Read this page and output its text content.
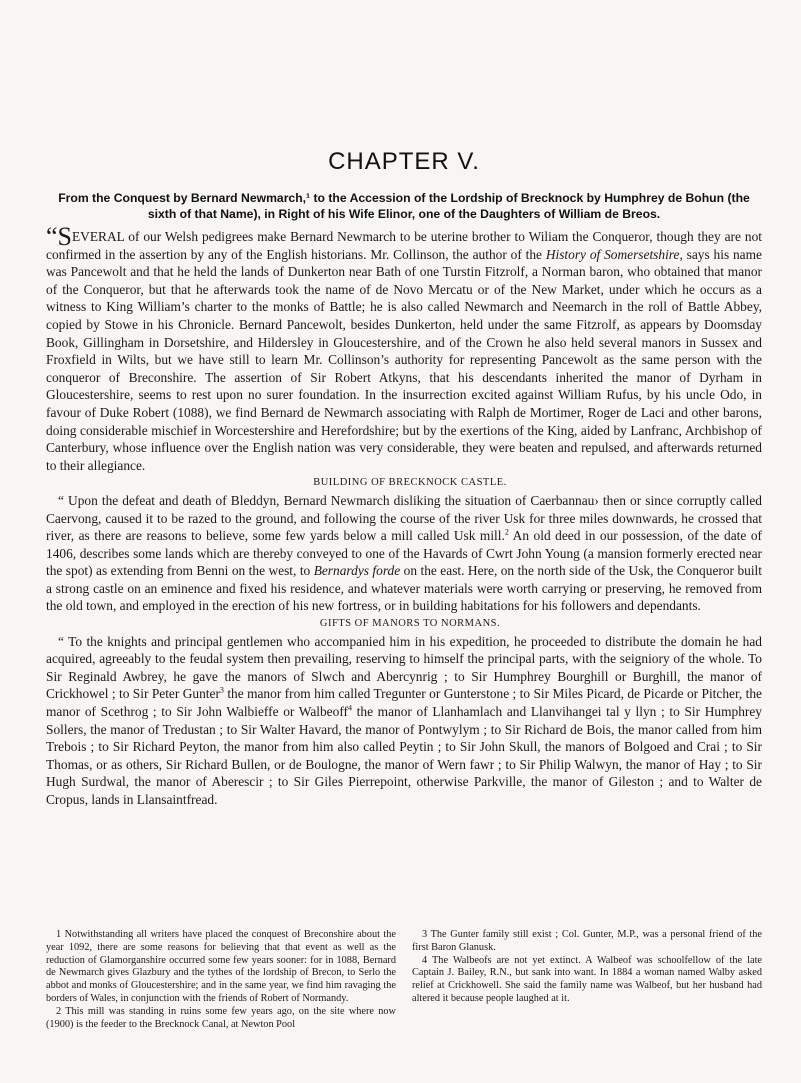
CHAPTER V.
From the Conquest by Bernard Newmarch,¹ to the Accession of the Lordship of Brecknock by Humphrey de Bohun (the sixth of that Name), in Right of his Wife Elinor, one of the Daughters of William de Breos.

“SEVERAL of our Welsh pedigrees make Bernard Newmarch to be uterine brother to Wiliam the Conqueror, though they are not confirmed in the assertion by any of the English historians. Mr. Collinson, the author of the History of Somersetshire, says his name was Pancewolt and that he held the lands of Dunkerton near Bath of one Turstin Fitzrolf, a Norman baron, who obtained that manor of the Conqueror, but that he afterwards took the name of de Novo Mercatu or of the New Market, under which he occurs as a witness to King William’s charter to the monks of Battle; he is also called Newmarch and Neemarch in the roll of Battle Abbey, copied by Stowe in his Chronicle. Bernard Pancewolt, besides Dunkerton, held under the same Fitzrolf, as appears by Doomsday Book, Gillingham in Dorsetshire, and Hildersley in Gloucestershire, and of the Crown he also held several manors in Sussex and Froxfield in Wilts, but we have still to learn Mr. Collinson’s authority for representing Pancewolt as the same person with the conqueror of Breconshire. The assertion of Sir Robert Atkyns, that his descendants inherited the manor of Dyrham in Gloucestershire, seems to rest upon no surer foundation. In the insurrection excited against William Rufus, by his uncle Odo, in favour of Duke Robert (1088), we find Bernard de Newmarch associating with Ralph de Mortimer, Roger de Laci and other barons, doing considerable mischief in Worcestershire and Herefordshire; but by the exertions of the King, aided by Lanfranc, Archbishop of Canterbury, whose influence over the English nation was very considerable, they were beaten and repulsed, and afterwards returned to their allegiance.

BUILDING OF BRECKNOCK CASTLE.

“ Upon the defeat and death of Bleddyn, Bernard Newmarch disliking the situation of Caerbannau› then or since corruptly called Caervong, caused it to be razed to the ground, and following the course of the river Usk for three miles downwards, he crossed that river, as there are reasons to believe, some few yards below a mill called Usk mill.$^2$ An old deed in our possession, of the date of 1406, describes some lands which are thereby conveyed to one of the Havards of Cwrt John Young (a mansion formerly erected near the spot) as extending from Benni on the west, to Bernardys forde on the east. Here, on the north side of the Usk, the Conqueror built a strong castle on an eminence and fixed his residence, and whatever materials were worth carrying or preserving, he removed from the old town, and employed in the erection of his new fortress, or in building habitations for his followers and dependants.

GIFTS OF MANORS TO NORMANS.

“ To the knights and principal gentlemen who accompanied him in his expedition, he proceeded to distribute the domain he had acquired, agreeably to the feudal system then prevailing, reserving to himself the principal parts, with the seigniory of the whole. To Sir Reginald Awbrey, he gave the manors of Slwch and Abercynrig ; to Sir Humphrey Bourghill or Burghill, the manor of Crickhowel ; to Sir Peter Gunter$^3$ the manor from him called Tregunter or Gunterstone ; to Sir Miles Picard, de Picarde or Pitcher, the manor of Scethrog ; to Sir John Walbieffe or Walbeoff$^4$ the manor of Llanhamlach and Llanvihangei tal y llyn ; to Sir Humphrey Sollers, the manor of Tredustan ; to Sir Walter Havard, the manor of Pontwylym ; to Sir Richard de Bois, the manor called from him Trebois ; to Sir Richard Peyton, the manor from him also called Peytin ; to Sir John Skull, the manors of Bolgoed and Crai ; to Sir Thomas, or as others, Sir Richard Bullen, or de Boulogne, the manor of Wern fawr ; to Sir Philip Walwyn, the manor of Hay ; to Sir Hugh Surdwal, the manor of Aberescir ; to Sir Giles Pierrepoint, otherwise Parkville, the manor of Gileston ; and to Walter de Cropus, lands in Llansaintfread.

1 Notwithstanding all writers have placed the conquest of Breconshire about the year 1092, there are some reasons for believing that that event as well as the reduction of Glamorganshire occurred some few years sooner: for in 1088, Bernard de Newmarch gives Glazbury and the tythes of the lordship of Brecon, to Serlo the abbot and monks of Gloucestershire; and in the same year, we find him ravaging the borders of Wales, in conjunction with the friends of Robert of Normandy.

2 This mill was standing in ruins some few years ago, on the site where now (1900) is the feeder to the Brecknock Canal, at Newton Pool

3 The Gunter family still exist ; Col. Gunter, M.P., was a personal friend of the first Baron Glanusk.

4 The Walbeofs are not yet extinct. A Walbeof was schoolfellow of the late Captain J. Bailey, R.N., but sank into want. In 1884 a woman named Walby asked relief at Crickhowell. She said the family name was Walbeof, but her husband had altered it because people laughed at it.
